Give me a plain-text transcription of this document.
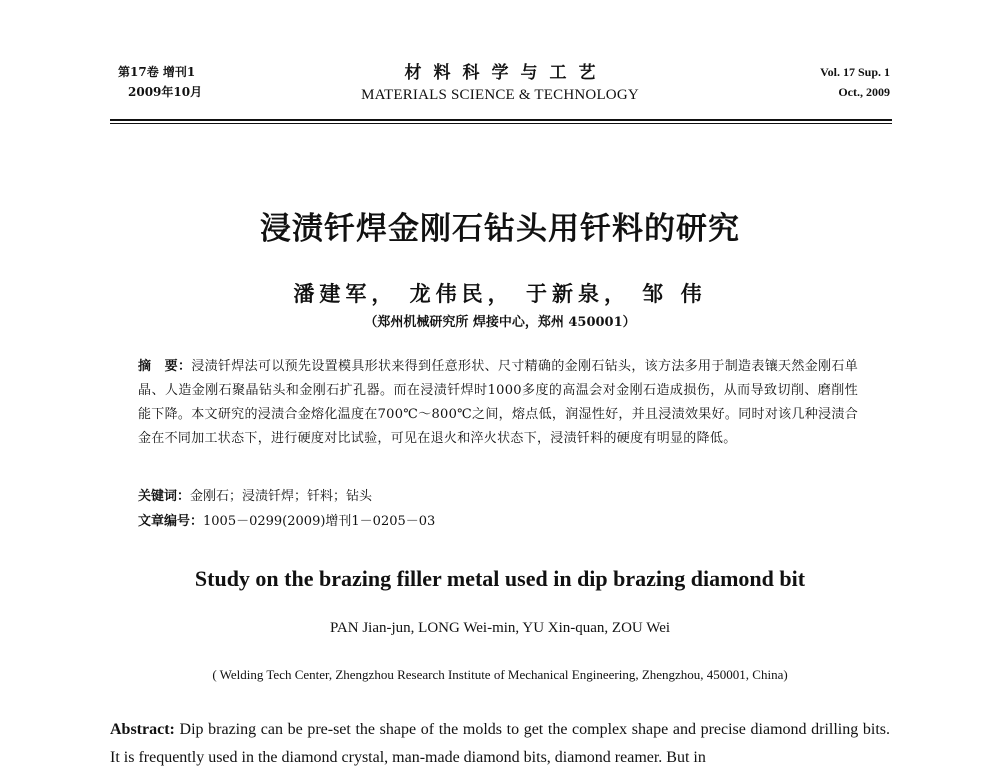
第17卷 增刊1
2009年10月
材料科学与工艺
MATERIALS SCIENCE & TECHNOLOGY
Vol. 17 Sup. 1
Oct., 2009
浸渍钎焊金刚石钻头用钎料的研究
潘建军， 龙伟民， 于新泉， 邹 伟
（郑州机械研究所 焊接中心，郑州 450001）
摘　要：浸渍钎焊法可以预先设置模具形状来得到任意形状、尺寸精确的金刚石钻头，该方法多用于制造表镶天然金刚石单晶、人造金刚石聚晶钻头和金刚石扩孔器。而在浸渍钎焊时1000多度的高温会对金刚石造成损伤，从而导致切削、磨削性能下降。本文研究的浸渍合金熔化温度在700℃～800℃之间，熔点低，润湿性好，并且浸渍效果好。同时对该几种浸渍合金在不同加工状态下，进行硬度对比试验，可见在退火和淬火状态下，浸渍钎料的硬度有明显的降低。
关键词：金刚石；浸渍钎焊；钎料；钻头
文章编号：1005－0299(2009)增刊1－0205－03
Study on the brazing filler metal used in dip brazing diamond bit
PAN Jian-jun, LONG Wei-min, YU Xin-quan, ZOU Wei
( Welding Tech Center, Zhengzhou Research Institute of Mechanical Engineering, Zhengzhou, 450001, China)
Abstract: Dip brazing can be pre-set the shape of the molds to get the complex shape and precise diamond drilling bits. It is frequently used in the diamond crystal, man-made diamond bits, diamond reamer. But in
